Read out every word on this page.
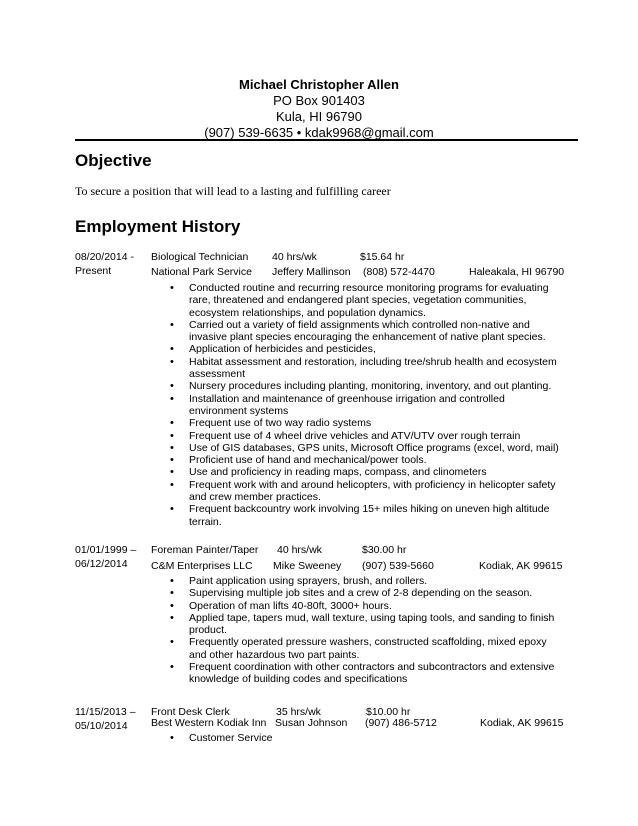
Michael Christopher Allen
PO Box 901403
Kula, HI 96790
(907) 539-6635 • kdak9968@gmail.com
Objective
To secure a position that will lead to a lasting and fulfilling career
Employment History
08/20/2014 -
Present
Biological Technician 40 hrs/wk	$15.64 hr
National Park Service Jeffery Mallinson (808) 572-4470	Haleakala, HI 96790
• Conducted routine and recurring resource monitoring programs for evaluating rare, threatened and endangered plant species, vegetation communities, ecosystem relationships, and population dynamics.
• Carried out a variety of field assignments which controlled non-native and invasive plant species encouraging the enhancement of native plant species.
• Application of herbicides and pesticides,
• Habitat assessment and restoration, including tree/shrub health and ecosystem assessment
• Nursery procedures including planting, monitoring, inventory, and out planting.
• Installation and maintenance of greenhouse irrigation and controlled environment systems
• Frequent use of two way radio systems
• Frequent use of 4 wheel drive vehicles and ATV/UTV over rough terrain
• Use of GIS databases, GPS units, Microsoft Office programs (excel, word, mail)
• Proficient use of hand and mechanical/power tools.
• Use and proficiency in reading maps, compass, and clinometers
• Frequent work with and around helicopters, with proficiency in helicopter safety and crew member practices.
• Frequent backcountry work involving 15+ miles hiking on uneven high altitude terrain.
01/01/1999 –
06/12/2014
Foreman Painter/Taper 40 hrs/wk	$30.00 hr
C&M Enterprises LLC Mike Sweeney (907) 539-5660	Kodiak, AK 99615
• Paint application using sprayers, brush, and rollers.
• Supervising multiple job sites and a crew of 2-8 depending on the season.
• Operation of man lifts 40-80ft, 3000+ hours.
• Applied tape, tapers mud, wall texture, using taping tools, and sanding to finish product.
• Frequently operated pressure washers, constructed scaffolding, mixed epoxy and other hazardous two part paints.
• Frequent coordination with other contractors and subcontractors and extensive knowledge of building codes and specifications
11/15/2013 –
05/10/2014
Front Desk Clerk	35 hrs/wk	$10.00 hr
Best Western Kodiak Inn Susan Johnson (907) 486-5712	Kodiak, AK 99615
• Customer Service
